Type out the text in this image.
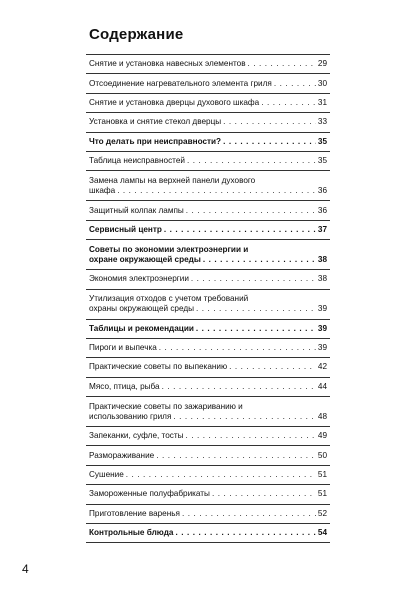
Содержание
Снятие и установка навесных элементов . . .	29
Отсоединение нагревательного элемента гриля . . .	30
Снятие и установка дверцы духового шкафа . . .	31
Установка и снятие стекол дверцы . . .	33
Что делать при неисправности? . . .	35
Таблица неисправностей . . .	35
Замена лампы на верхней панели духового
шкафа . . .	36
Защитный колпак лампы . . .	36
Сервисный центр . . .	37
Советы по экономии электроэнергии и
охране окружающей среды . . .	38
Экономия электроэнергии . . .	38
Утилизация отходов с учетом требований
охраны окружающей среды . . .	39
Таблицы и рекомендации . . .	39
Пироги и выпечка . . .	39
Практические советы по выпеканию . . .	42
Мясо, птица, рыба . . .	44
Практические советы по зажариванию и
использованию гриля . . .	48
Запеканки, суфле, тосты . . .	49
Размораживание . . .	50
Сушение . . .	51
Замороженные полуфабрикаты . . .	51
Приготовление варенья . . .	52
Контрольные блюда . . .	54
4
